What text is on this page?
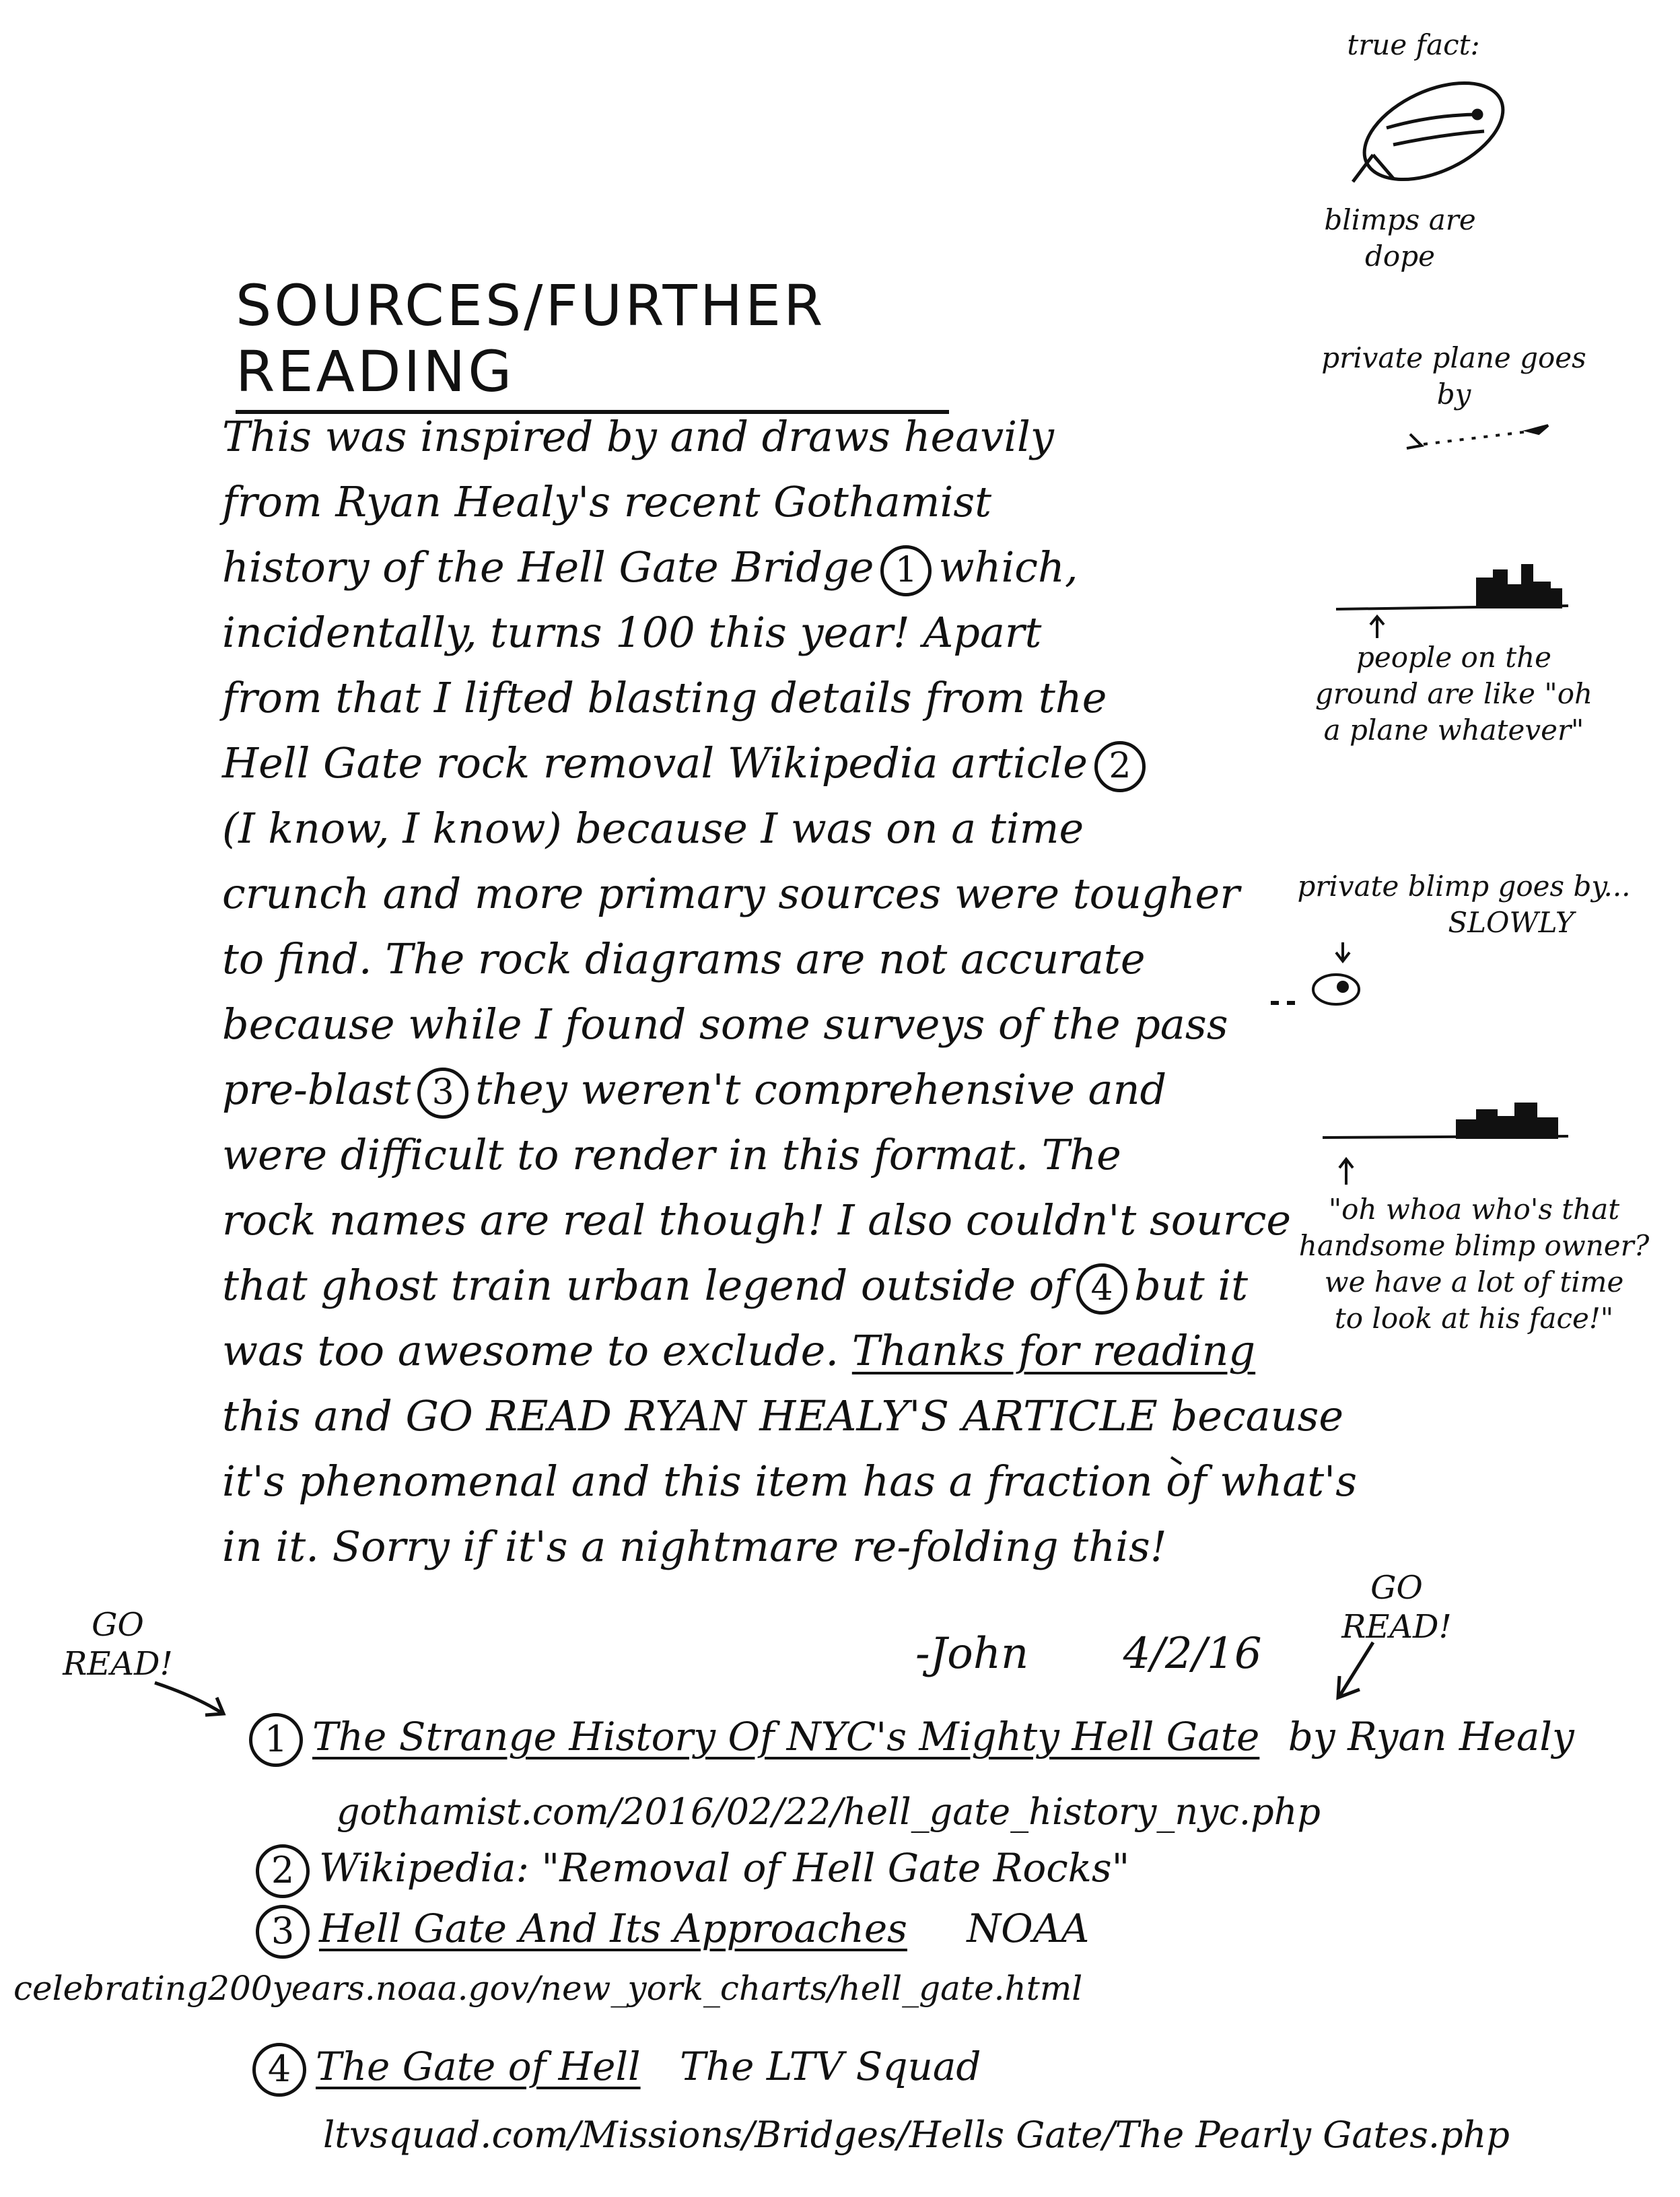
SOURCES/FURTHER READING
This was inspired by and draws heavily
from Ryan Healy's recent Gothamist
history of the Hell Gate Bridge 1 which,
incidentally, turns 100 this year! Apart
from that I lifted blasting details from the
Hell Gate rock removal Wikipedia article 2
(I know, I know) because I was on a time
crunch and more primary sources were tougher
to find. The rock diagrams are not accurate
because while I found some surveys of the pass
pre-blast 3 they weren't comprehensive and
were difficult to render in this format. The
rock names are real though! I also couldn't source
that ghost train urban legend outside of 4 but it
was too awesome to exclude. Thanks for reading
this and GO READ RYAN HEALY'S ARTICLE because
it's phenomenal and this item has a fraction of what's
in it. Sorry if it's a nightmare re-folding this!
-John 4/2/16
true fact:
blimps are
dope
private plane goes
by
people on the
ground are like "oh
a plane whatever"
private blimp goes by...
SLOWLY
"oh whoa who's that
handsome blimp owner?
we have a lot of time
to look at his face!"
GO
READ!
GO
READ!
1 The Strange History Of NYC's Mighty Hell Gate by Ryan Healy
gothamist.com/2016/02/22/hell_gate_history_nyc.php
2 Wikipedia: "Removal of Hell Gate Rocks"
3 Hell Gate And Its Approaches NOAA
celebrating200years.noaa.gov/new_york_charts/hell_gate.html
4 The Gate of Hell The LTV Squad
ltvsquad.com/Missions/Bridges/Hells Gate/The Pearly Gates.php
